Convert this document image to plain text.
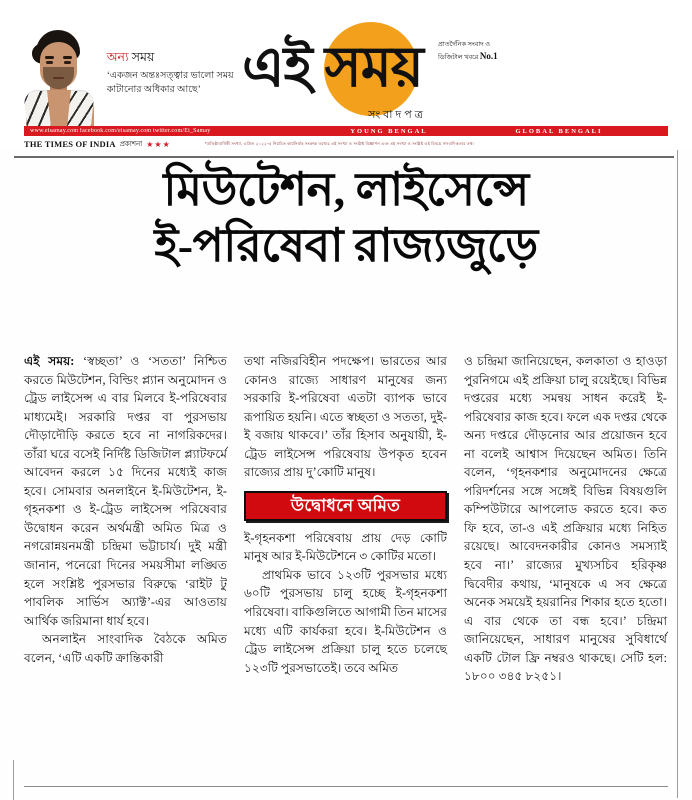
অন্য সময়
‘একজন অন্তঃসত্ত্বার ভালো সময় কাটানোর অধিকার আছে’ এই সময়
সংবাদপত্র
প্রাতর্দৈনিক সংবাদ ও
ডিজিটাল খবরে No.1
www.eisamay.com facebook.com/eisamay.com twitter.com/Ei_Samay	YOUNG BENGAL	GLOBAL BENGALI
THE TIMES OF INDIA প্রকাশনা ★★★	*প্রতিষ্ঠাবার্ষিকী সংখ্যা, এপ্রিল ২০২২-এ নিয়মিত কার্যনির্বাহ সংক্রান্ত তথ্যের এই সংখ্যা ও সংশ্লিষ্ট বিজ্ঞাপন এবং এই সংখ্যা ও সংশ্লিষ্ট এই বিষয়ে সাংবাদিকতার তথ্য
মিউটেশন, লাইসেন্সে
ই-পরিষেবা রাজ্যজুড়ে

এই সময়: ‘স্বচ্ছতা’ ও ‘সততা’ নিশ্চিত করতে মিউটেশন, বিল্ডিং প্ল্যান অনুমোদন ও ট্রেড লাইসেন্স এ বার মিলবে ই-পরিষেবার মাধ্যমেই। সরকারি দপ্তর বা পুরসভায় দৌড়াদৌড়ি করতে হবে না নাগরিকদের। তাঁরা ঘরে বসেই নির্দিষ্ট ডিজিটাল প্ল্যাটফর্মে আবেদন করলে ১৫ দিনের মধ্যেই কাজ হবে। সোমবার অনলাইনে ই-মিউটেশন, ই-গৃহনকশা ও ই-ট্রেড লাইসেন্স পরিষেবার উদ্বোধন করেন অর্থমন্ত্রী অমিত মিত্র ও নগরোন্নয়নমন্ত্রী চন্দ্রিমা ভট্টাচার্য। দুই মন্ত্রী জানান, পনেরো দিনের সময়সীমা লঙ্ঘিত হলে সংশ্লিষ্ট পুরসভার বিরুদ্ধে ‘রাইট টু পাবলিক সার্ভিস অ্যাক্ট’-এর আওতায় আর্থিক জরিমানা ধার্য হবে।

অনলাইন সাংবাদিক বৈঠকে অমিত বলেন, ‘এটি একটি ক্রান্তিকারী

তথা নজিরবিহীন পদক্ষেপ। ভারতের আর কোনও রাজ্যে সাধারণ মানুষের জন্য সরকারি ই-পরিষেবা এতটা ব্যাপক ভাবে রূপায়িত হয়নি। এতে স্বচ্ছতা ও সততা, দুই-ই বজায় থাকবে।’ তাঁর হিসাব অনুযায়ী, ই-ট্রেড লাইসেন্স পরিষেবায় উপকৃত হবেন রাজ্যের প্রায় দু’কোটি মানুষ।

উদ্বোধনে অমিত

ই-গৃহনকশা পরিষেবায় প্রায় দেড় কোটি মানুষ আর ই-মিউটেশনে ৩ কোটির মতো।

প্রাথমিক ভাবে ১২৩টি পুরসভার মধ্যে ৬০টি পুরসভায় চালু হচ্ছে ই-গৃহনকশা পরিষেবা। বাকিগুলিতে আগামী তিন মাসের মধ্যে এটি কার্যকরা হবে। ই-মিউটেশন ও ট্রেড লাইসেন্স প্রক্রিয়া চালু হতে চলেছে ১২৩টি পুরসভাতেই। তবে অমিত

ও চন্দ্রিমা জানিয়েছেন, কলকাতা ও হাওড়া পুরনিগমে এই প্রক্রিয়া চালু রয়েইছে। বিভিন্ন দপ্তরের মধ্যে সমন্বয় সাধন করেই ই-পরিষেবার কাজ হবে। ফলে এক দপ্তর থেকে অন্য দপ্তরে দৌড়নোর আর প্রয়োজন হবে না বলেই আশ্বাস দিয়েছেন অমিত। তিনি বলেন, ‘গৃহনকশার অনুমোদনের ক্ষেত্রে পরিদর্শনের সঙ্গে সঙ্গেই বিভিন্ন বিষয়গুলি কম্পিউটারে আপলোড করতে হবে। কত ফি হবে, তা-ও এই প্রক্রিয়ার মধ্যে নিহিত রয়েছে। আবেদনকারীর কোনও সমস্যাই হবে না।’ রাজ্যের মুখ্যসচিব হরিকৃষ্ণ দ্বিবেদীর কথায়, ‘মানুষকে এ সব ক্ষেত্রে অনেক সময়েই হয়রানির শিকার হতে হতো। এ বার থেকে তা বন্ধ হবে।’ চন্দ্রিমা জানিয়েছেন, সাধারণ মানুষের সুবিধার্থে একটি টোল ফ্রি নম্বরও থাকছে। সেটি হল: ১৮০০ ৩৪৫ ৮২৫১।
